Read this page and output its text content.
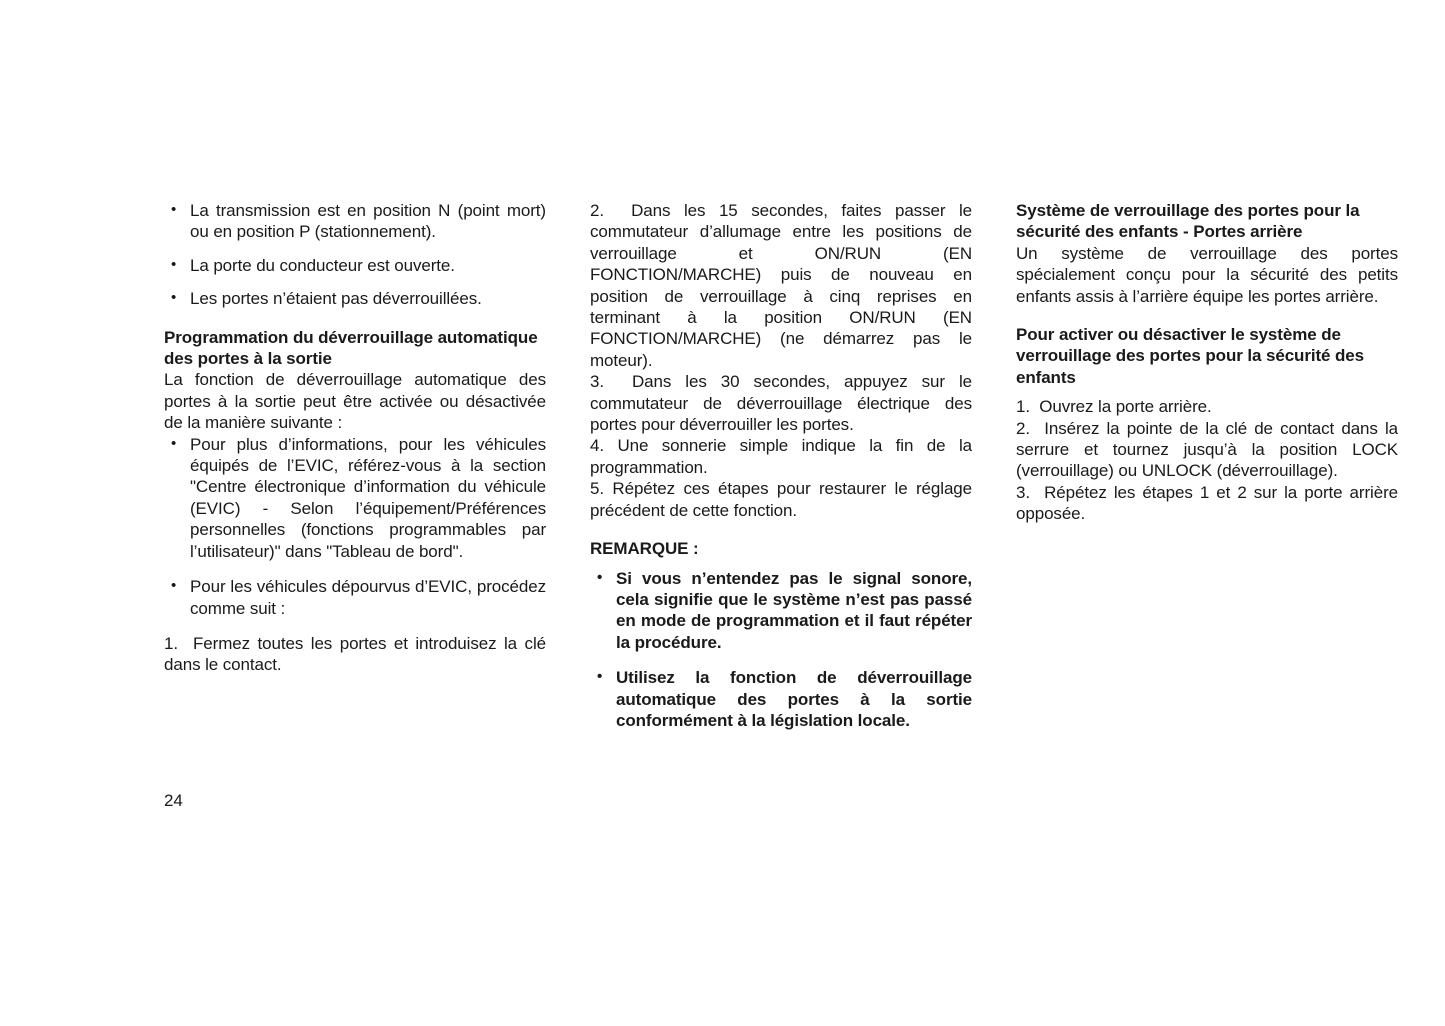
• La transmission est en position N (point mort) ou en position P (stationnement).
• La porte du conducteur est ouverte.
• Les portes n’étaient pas déverrouillées.
Programmation du déverrouillage automatique des portes à la sortie

La fonction de déverrouillage automatique des portes à la sortie peut être activée ou désactivée de la manière suivante :

• Pour plus d’informations, pour les véhicules équipés de l’EVIC, référez-vous à la section "Centre électronique d’information du véhicule (EVIC) - Selon l’équipement/Préférences personnelles (fonctions programmables par l’utilisateur)" dans "Tableau de bord".
• Pour les véhicules dépourvus d’EVIC, procédez comme suit :

1.  Fermez toutes les portes et introduisez la clé dans le contact.

2.  Dans les 15 secondes, faites passer le commutateur d’allumage entre les positions de verrouillage et ON/RUN (EN FONCTION/MARCHE) puis de nouveau en position de verrouillage à cinq reprises en terminant à la position ON/RUN (EN FONCTION/MARCHE) (ne démarrez pas le moteur).

3.  Dans les 30 secondes, appuyez sur le commutateur de déverrouillage électrique des portes pour déverrouiller les portes.

4. Une sonnerie simple indique la fin de la programmation.

5. Répétez ces étapes pour restaurer le réglage précédent de cette fonction.

REMARQUE :
• Si vous n’entendez pas le signal sonore, cela signifie que le système n’est pas passé en mode de programmation et il faut répéter la procédure.
• Utilisez la fonction de déverrouillage automatique des portes à la sortie conformément à la législation locale.
Système de verrouillage des portes pour la sécurité des enfants - Portes arrière

Un système de verrouillage des portes spécialement conçu pour la sécurité des petits enfants assis à l’arrière équipe les portes arrière.

Pour activer ou désactiver le système de verrouillage des portes pour la sécurité des enfants

1.  Ouvrez la porte arrière.

2.  Insérez la pointe de la clé de contact dans la serrure et tournez jusqu’à la position LOCK (verrouillage) ou UNLOCK (déverrouillage).

3.  Répétez les étapes 1 et 2 sur la porte arrière opposée.

24
